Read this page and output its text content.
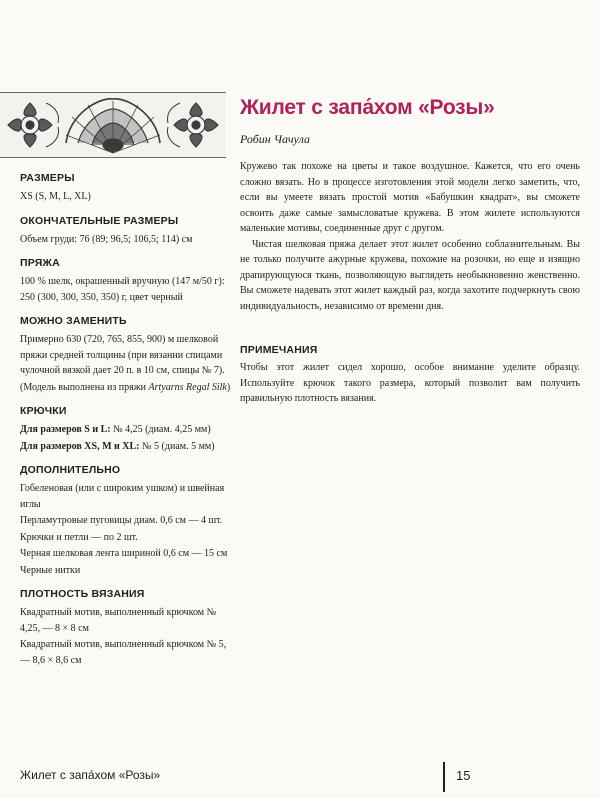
Жилет с запа́хом «Розы»
Робин Чачула

Кружево так похоже на цветы и такое воздушное. Кажется, что его очень сложно вязать. Но в процессе изготовления этой модели легко заметить, что, если вы умеете вязать простой мотив «Бабушкин квадрат», вы сможете освоить даже самые замысловатые кружева. В этом жилете используются маленькие мотивы, соединенные друг с другом.

Чистая шелковая пряжа делает этот жилет особенно соблазнительным. Вы не только получите ажурные кружева, похожие на розочки, но еще и изящно драпирующуюся ткань, позволяющую выглядеть необыкновенно женственно. Вы сможете надевать этот жилет каждый раз, когда захотите подчеркнуть свою индивидуальность, независимо от времени дня.

ПРИМЕЧАНИЯ

Чтобы этот жилет сидел хорошо, особое внимание уделите образцу. Используйте крючок такого размера, который позволит вам получить правильную плотность вязания.

РАЗМЕРЫ

XS (S, M, L, XL)

ОКОНЧАТЕЛЬНЫЕ РАЗМЕРЫ

Объем груди: 76 (89; 96,5; 106,5; 114) см

ПРЯЖА

100 % шелк, окрашенный вручную (147 м/50 г): 250 (300, 300, 350, 350) г, цвет черный

МОЖНО ЗАМЕНИТЬ

Примерно 630 (720, 765, 855, 900) м шелковой пряжи средней толщины (при вязании спицами чулочной вязкой дает 20 п. в 10 см, спицы № 7).

(Модель выполнена из пряжи Artyarns Regal Silk)

КРЮЧКИ

Для размеров S и L: № 4,25 (диам. 4,25 мм)

Для размеров XS, M и XL: № 5 (диам. 5 мм)

ДОПОЛНИТЕЛЬНО

Гобеленовая (или с широким ушком) и швейная иглы

Перламутровые пуговицы диам. 0,6 см — 4 шт.

Крючки и петли — по 2 шт.

Черная шелковая лента шириной 0,6 см — 15 см

Черные нитки

ПЛОТНОСТЬ ВЯЗАНИЯ

Квадратный мотив, выполненный крючком № 4,25, — 8 × 8 см

Квадратный мотив, выполненный крючком № 5, — 8,6 × 8,6 см

Жилет с запа́хом «Розы»	15
